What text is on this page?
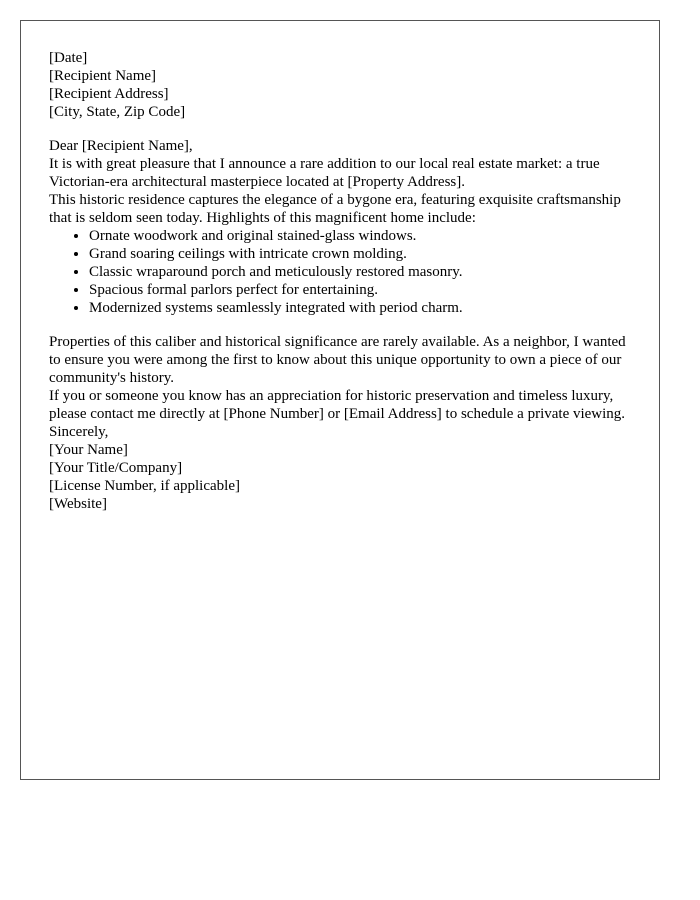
[Date]

[Recipient Name]
[Recipient Address]
[City, State, Zip Code]

Dear [Recipient Name],

It is with great pleasure that I announce a rare addition to our local real estate market: a true Victorian-era architectural masterpiece located at [Property Address].

This historic residence captures the elegance of a bygone era, featuring exquisite craftsmanship that is seldom seen today. Highlights of this magnificent home include:

• Ornate woodwork and original stained-glass windows.
• Grand soaring ceilings with intricate crown molding.
• Classic wraparound porch and meticulously restored masonry.
• Spacious formal parlors perfect for entertaining.
• Modernized systems seamlessly integrated with period charm.

Properties of this caliber and historical significance are rarely available. As a neighbor, I wanted to ensure you were among the first to know about this unique opportunity to own a piece of our community's history.

If you or someone you know has an appreciation for historic preservation and timeless luxury, please contact me directly at [Phone Number] or [Email Address] to schedule a private viewing.

Sincerely,

[Your Name]
[Your Title/Company]
[License Number, if applicable]
[Website]
